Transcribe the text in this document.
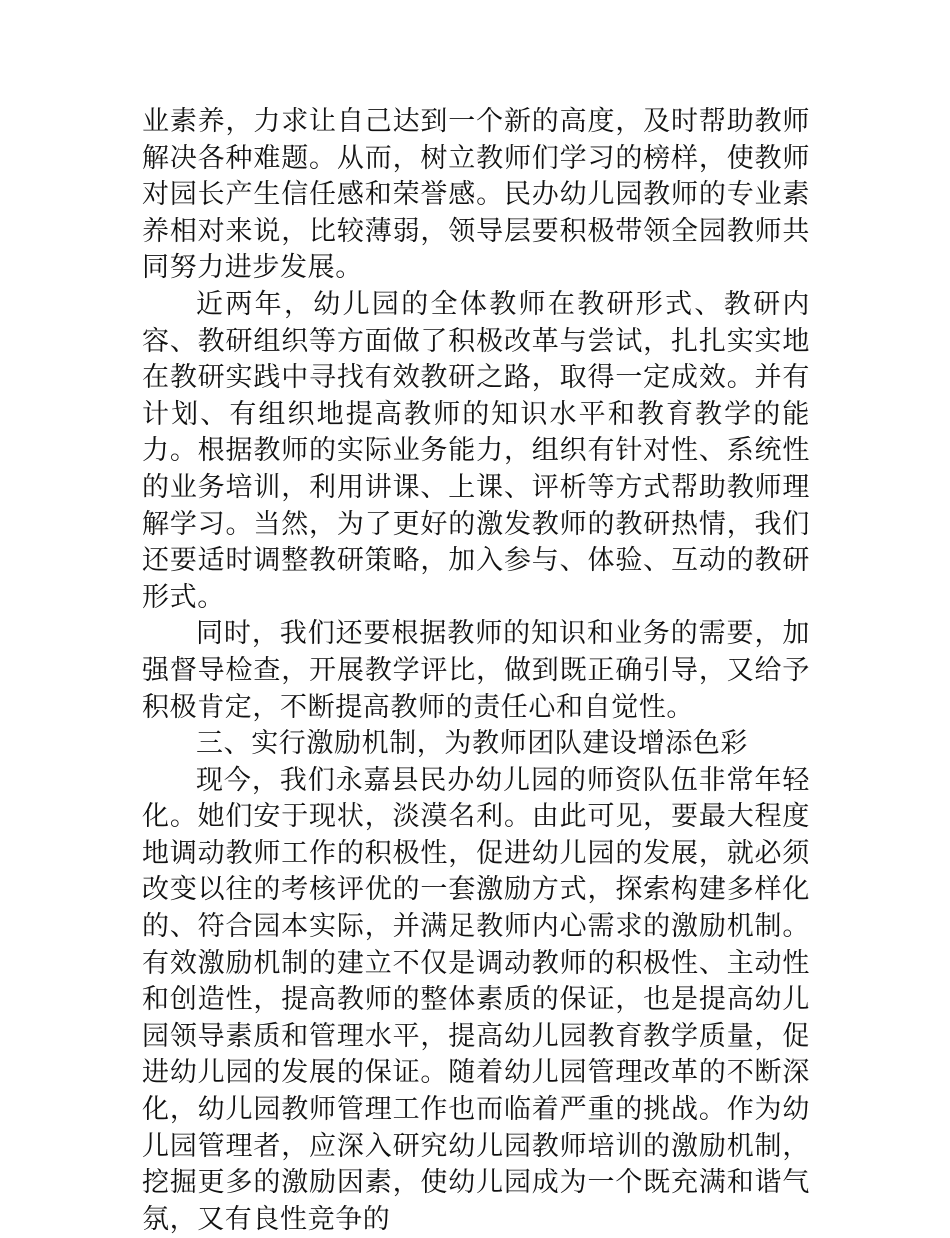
业素养，力求让自己达到一个新的高度，及时帮助教师解决各种难题。从而，树立教师们学习的榜样，使教师对园长产生信任感和荣誉感。民办幼儿园教师的专业素养相对来说，比较薄弱，领导层要积极带领全园教师共同努力进步发展。

近两年，幼儿园的全体教师在教研形式、教研内容、教研组织等方面做了积极改革与尝试，扎扎实实地在教研实践中寻找有效教研之路，取得一定成效。并有计划、有组织地提高教师的知识水平和教育教学的能力。根据教师的实际业务能力，组织有针对性、系统性的业务培训，利用讲课、上课、评析等方式帮助教师理解学习。当然，为了更好的激发教师的教研热情，我们还要适时调整教研策略，加入参与、体验、互动的教研形式。

同时，我们还要根据教师的知识和业务的需要，加强督导检查，开展教学评比，做到既正确引导，又给予积极肯定，不断提高教师的责任心和自觉性。

三、实行激励机制，为教师团队建设增添色彩

现今，我们永嘉县民办幼儿园的师资队伍非常年轻化。她们安于现状，淡漠名利。由此可见，要最大程度地调动教师工作的积极性，促进幼儿园的发展，就必须改变以往的考核评优的一套激励方式，探索构建多样化的、符合园本实际，并满足教师内心需求的激励机制。有效激励机制的建立不仅是调动教师的积极性、主动性和创造性，提高教师的整体素质的保证，也是提高幼儿园领导素质和管理水平，提高幼儿园教育教学质量，促进幼儿园的发展的保证。随着幼儿园管理改革的不断深化，幼儿园教师管理工作也而临着严重的挑战。作为幼儿园管理者，应深入研究幼儿园教师培训的激励机制，挖掘更多的激励因素，使幼儿园成为一个既充满和谐气氛，又有良性竞争的
